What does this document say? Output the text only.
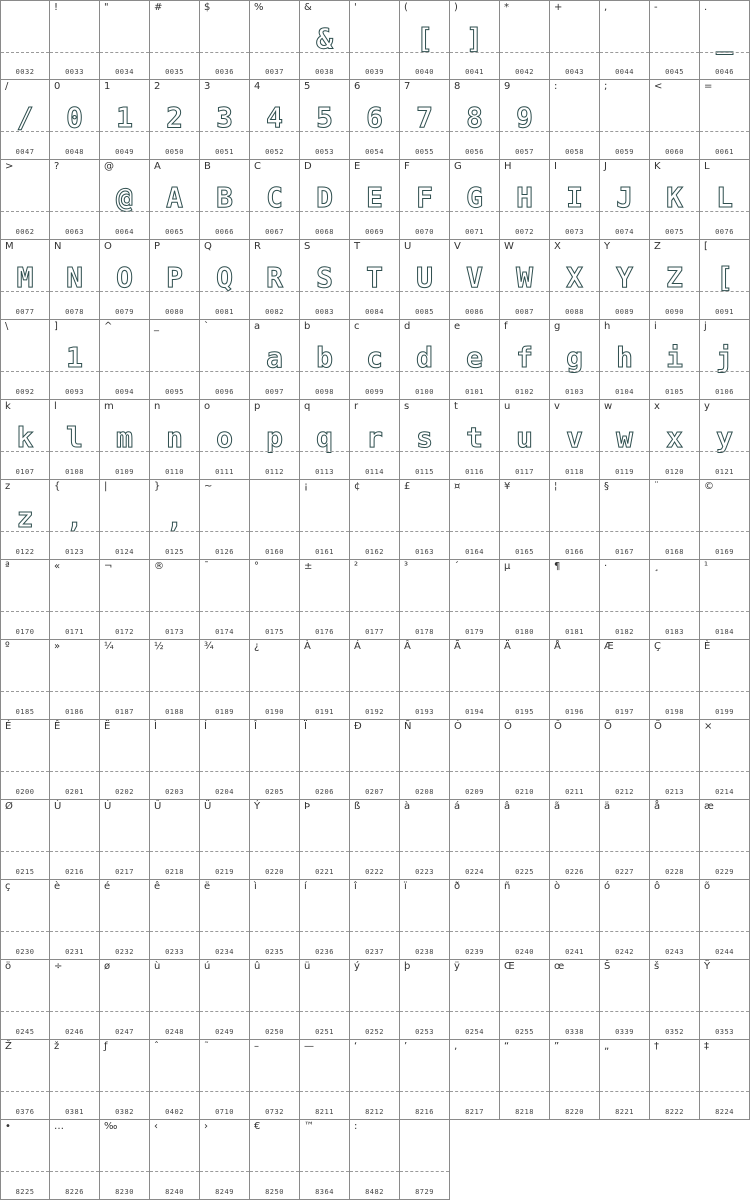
0032
!
0033
"
0034
#
0035
$
0036
%
0037
&
&
0038
'
0039
(
[
0040
)
]
0041
*
0042
+
0043
,
0044
-
0045
.
_
0046
/
/
0047
0
0
0048
1
1
0049
2
2
0050
3
3
0051
4
4
0052
5
5
0053
6
6
0054
7
7
0055
8
8
0056
9
9
0057
:
0058
;
0059
<
0060
=
0061
>
0062
?
0063
@
@
0064
A
A
0065
B
B
0066
C
C
0067
D
D
0068
E
E
0069
F
F
0070
G
G
0071
H
H
0072
I
I
0073
J
J
0074
K
K
0075
L
L
0076
M
M
0077
N
N
0078
O
O
0079
P
P
0080
Q
Q
0081
R
R
0082
S
S
0083
T
T
0084
U
U
0085
V
V
0086
W
W
0087
X
X
0088
Y
Y
0089
Z
Z
0090
[
[
0091
\
0092
]
1
0093
^
0094
_
0095
`
0096
a
a
0097
b
b
0098
c
c
0099
d
d
0100
e
e
0101
f
f
0102
g
g
0103
h
h
0104
i
i
0105
j
j
0106
k
k
0107
l
l
0108
m
m
0109
n
n
0110
o
o
0111
p
p
0112
q
q
0113
r
r
0114
s
s
0115
t
t
0116
u
u
0117
v
v
0118
w
w
0119
x
x
0120
y
y
0121
z
z
0122
{
,
0123
|
0124
}
,
0125
~
0126	0160
¡
0161
¢
0162
£
0163
¤
0164
¥
0165
¦
0166
§
0167
¨
0168
©
0169
ª
0170
«
0171
¬
0172
®
0173
¯
0174
°
0175
±
0176
²
0177
³
0178
´
0179
µ
0180
¶
0181
·
0182
¸
0183
¹
0184
º
0185
»
0186
¼
0187
½
0188
¾
0189
¿
0190
À
0191
Á
0192
Â
0193
Ã
0194
Ä
0195
Å
0196
Æ
0197
Ç
0198
È
0199
É
0200
Ê
0201
Ë
0202
Ì
0203
Í
0204
Î
0205
Ï
0206
Ð
0207
Ñ
0208
Ò
0209
Ó
0210
Ô
0211
Õ
0212
Ö
0213
×
0214
Ø
0215
Ù
0216
Ú
0217
Û
0218
Ü
0219
Ý
0220
Þ
0221
ß
0222
à
0223
á
0224
â
0225
ã
0226
ä
0227
å
0228
æ
0229
ç
0230
è
0231
é
0232
ê
0233
ë
0234
ì
0235
í
0236
î
0237
ï
0238
ð
0239
ñ
0240
ò
0241
ó
0242
ô
0243
õ
0244
ö
0245
÷
0246
ø
0247
ù
0248
ú
0249
û
0250
ü
0251
ý
0252
þ
0253
ÿ
0254
Œ
0255
œ
0338
Š
0339
š
0352
Ÿ
0353
Ž
0376
ž
0381
ƒ
0382
ˆ
0402
˜
0710
–
0732
—
8211
‘
8212
’
8216
‚
8217
“
8218
”
8220
„
8221
†
8222
‡
8224
•
8225
…
8226
‰
8230
‹
8240
›
8249
€
8250
™
8364
:
8482	8729
